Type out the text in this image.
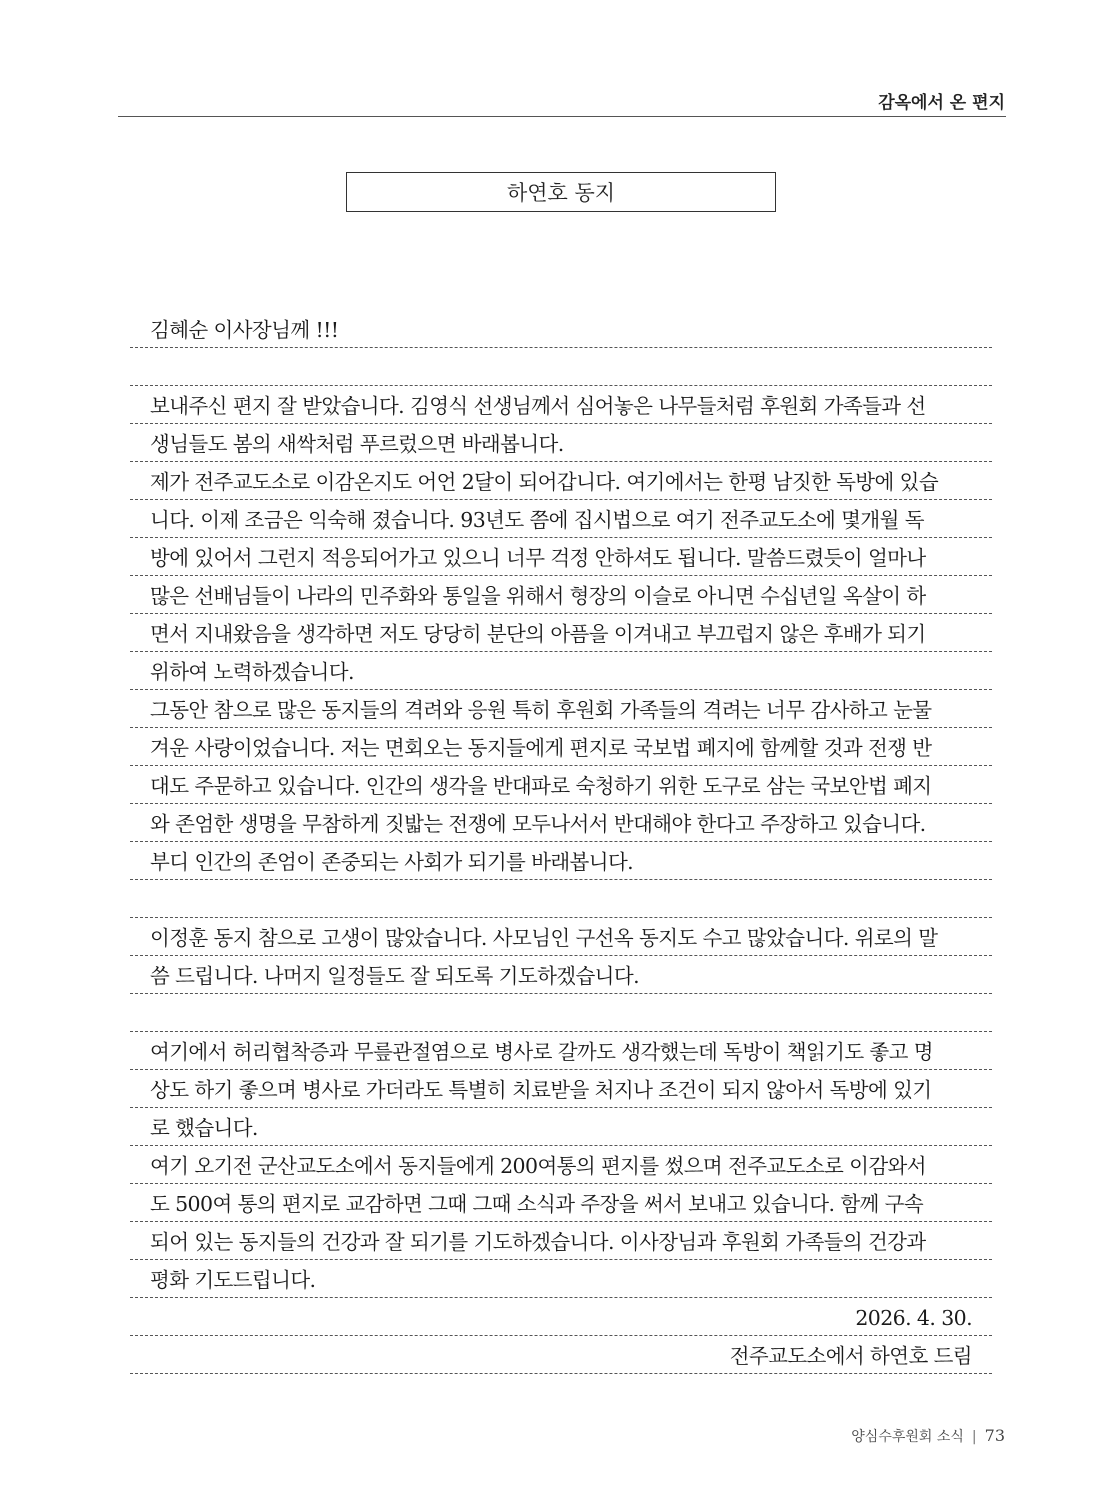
감옥에서 온 편지
하연호 동지
김혜순 이사장님께 !!!
보내주신 편지 잘 받았습니다. 김영식 선생님께서 심어놓은 나무들처럼 후원회 가족들과 선
생님들도 봄의 새싹처럼 푸르렀으면 바래봅니다.
제가 전주교도소로 이감온지도 어언 2달이 되어갑니다. 여기에서는 한평 남짓한 독방에 있습
니다. 이제 조금은 익숙해 졌습니다. 93년도 쯤에 집시법으로 여기 전주교도소에 몇개월 독
방에 있어서 그런지 적응되어가고 있으니 너무 걱정 안하셔도 됩니다. 말씀드렸듯이 얼마나
많은 선배님들이 나라의 민주화와 통일을 위해서 형장의 이슬로 아니면 수십년일 옥살이 하
면서 지내왔음을 생각하면 저도 당당히 분단의 아픔을 이겨내고 부끄럽지 않은 후배가 되기
위하여 노력하겠습니다.
그동안 참으로 많은 동지들의 격려와 응원 특히 후원회 가족들의 격려는 너무 감사하고 눈물
겨운 사랑이었습니다. 저는 면회오는 동지들에게 편지로 국보법 폐지에 함께할 것과 전쟁 반
대도 주문하고 있습니다. 인간의 생각을 반대파로 숙청하기 위한 도구로 삼는 국보안법 폐지
와 존엄한 생명을 무참하게 짓밟는 전쟁에 모두나서서 반대해야 한다고 주장하고 있습니다.
부디 인간의 존엄이 존중되는 사회가 되기를 바래봅니다.
이정훈 동지 참으로 고생이 많았습니다. 사모님인 구선옥 동지도 수고 많았습니다. 위로의 말
씀 드립니다. 나머지 일정들도 잘 되도록 기도하겠습니다.
여기에서 허리협착증과 무릎관절염으로 병사로 갈까도 생각했는데 독방이 책읽기도 좋고 명
상도 하기 좋으며 병사로 가더라도 특별히 치료받을 처지나 조건이 되지 않아서 독방에 있기
로 했습니다.
여기 오기전 군산교도소에서 동지들에게 200여통의 편지를 썼으며 전주교도소로 이감와서
도 500여 통의 편지로 교감하면 그때 그때 소식과 주장을 써서 보내고 있습니다. 함께 구속
되어 있는 동지들의 건강과 잘 되기를 기도하겠습니다. 이사장님과 후원회 가족들의 건강과
평화 기도드립니다.
2026. 4. 30.
전주교도소에서 하연호 드림
양심수후원회 소식 | 73
